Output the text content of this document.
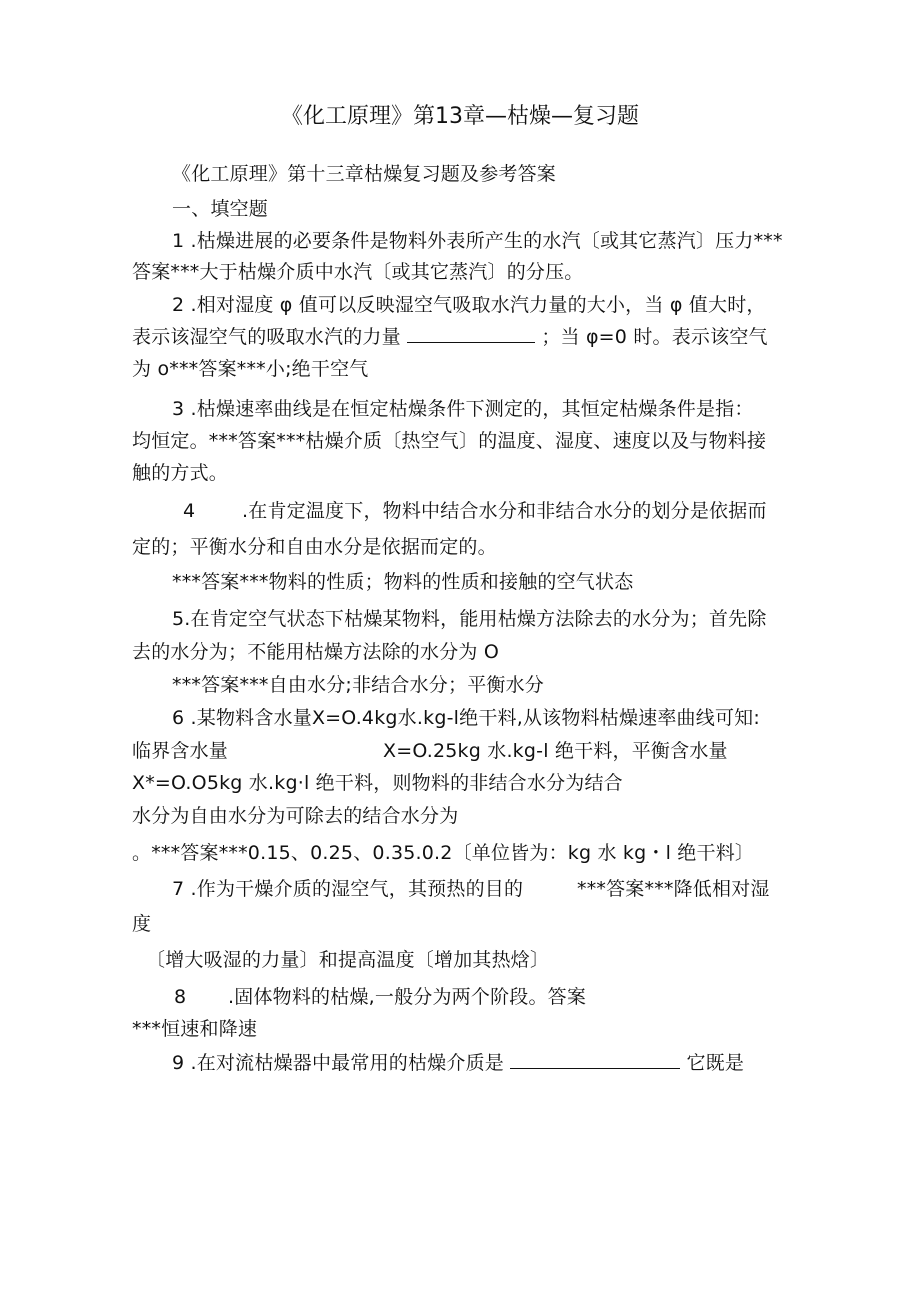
《化工原理》第13章—枯燥—复习题

《化工原理》第十三章枯燥复习题及参考答案

一、填空题

1 .枯燥进展的必要条件是物料外表所产生的水汽〔或其它蒸汽〕压力***

答案***大于枯燥介质中水汽〔或其它蒸汽〕的分压。

2 .相对湿度 φ 值可以反映湿空气吸取水汽力量的大小，当 φ 值大时，

表示该湿空气的吸取水汽的力量	；当 φ=0 时。表示该空气

为 o***答案***小;绝干空气

3 .枯燥速率曲线是在恒定枯燥条件下测定的，其恒定枯燥条件是指：

均恒定。***答案***枯燥介质〔热空气〕的温度、湿度、速度以及与物料接

触的方式。

4 .在肯定温度下，物料中结合水分和非结合水分的划分是依据而

定的；平衡水分和自由水分是依据而定的。

***答案***物料的性质；物料的性质和接触的空气状态

5.在肯定空气状态下枯燥某物料，能用枯燥方法除去的水分为；首先除

去的水分为；不能用枯燥方法除的水分为 O

***答案***自由水分;非结合水分；平衡水分

6 .某物料含水量X=O.4kg水.kg-l绝干料,从该物料枯燥速率曲线可知:

临界含水量	X=O.25kg 水.kg-l 绝干料，平衡含水量

X*=O.O5kg 水.kg·l 绝干料，则物料的非结合水分为结合

水分为自由水分为可除去的结合水分为

。***答案***0.15、0.25、0.35.0.2〔单位皆为：kg 水 kg・l 绝干料〕

7 .作为干燥介质的湿空气，其预热的目的	***答案***降低相对湿

度

〔增大吸湿的力量〕和提高温度〔增加其热焓〕

8 .固体物料的枯燥,一般分为两个阶段。答案

***恒速和降速

9 .在对流枯燥器中最常用的枯燥介质是	它既是
